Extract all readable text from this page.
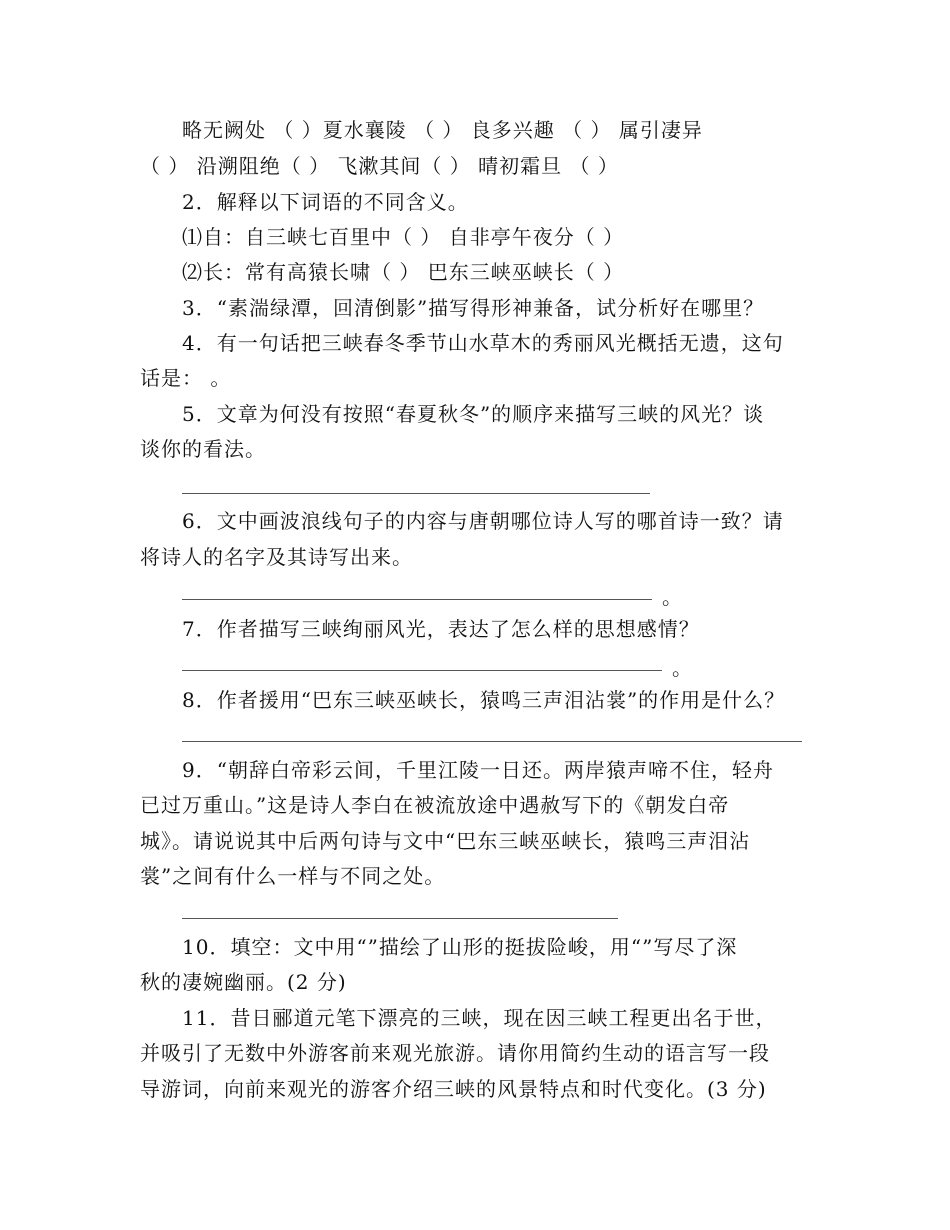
略无阙处 （ ）夏水襄陵 （ ） 良多兴趣 （ ） 属引凄异
（ ） 沿溯阻绝（ ） 飞漱其间（ ） 晴初霜旦 （ ）
2．解释以下词语的不同含义。
⑴自：自三峡七百里中（ ） 自非亭午夜分（ ）
⑵长：常有高猿长啸（ ） 巴东三峡巫峡长（ ）
3．“素湍绿潭，回清倒影”描写得形神兼备，试分析好在哪里？
4．有一句话把三峡春冬季节山水草木的秀丽风光概括无遗，这句
话是： 。
5．文章为何没有按照“春夏秋冬”的顺序来描写三峡的风光？谈
谈你的看法。
6．文中画波浪线句子的内容与唐朝哪位诗人写的哪首诗一致？请
将诗人的名字及其诗写出来。
。
7．作者描写三峡绚丽风光，表达了怎么样的思想感情？
。
8．作者援用“巴东三峡巫峡长，猿鸣三声泪沾裳”的作用是什么？
9．“朝辞白帝彩云间，千里江陵一日还。两岸猿声啼不住，轻舟
已过万重山。”这是诗人李白在被流放途中遇赦写下的《朝发白帝
城》。请说说其中后两句诗与文中“巴东三峡巫峡长，猿鸣三声泪沾
裳”之间有什么一样与不同之处。
10．填空：文中用“”描绘了山形的挺拔险峻，用“”写尽了深
秋的凄婉幽丽。(2 分)
11．昔日郦道元笔下漂亮的三峡，现在因三峡工程更出名于世，
并吸引了无数中外游客前来观光旅游。请你用简约生动的语言写一段
导游词，向前来观光的游客介绍三峡的风景特点和时代变化。(3 分)
